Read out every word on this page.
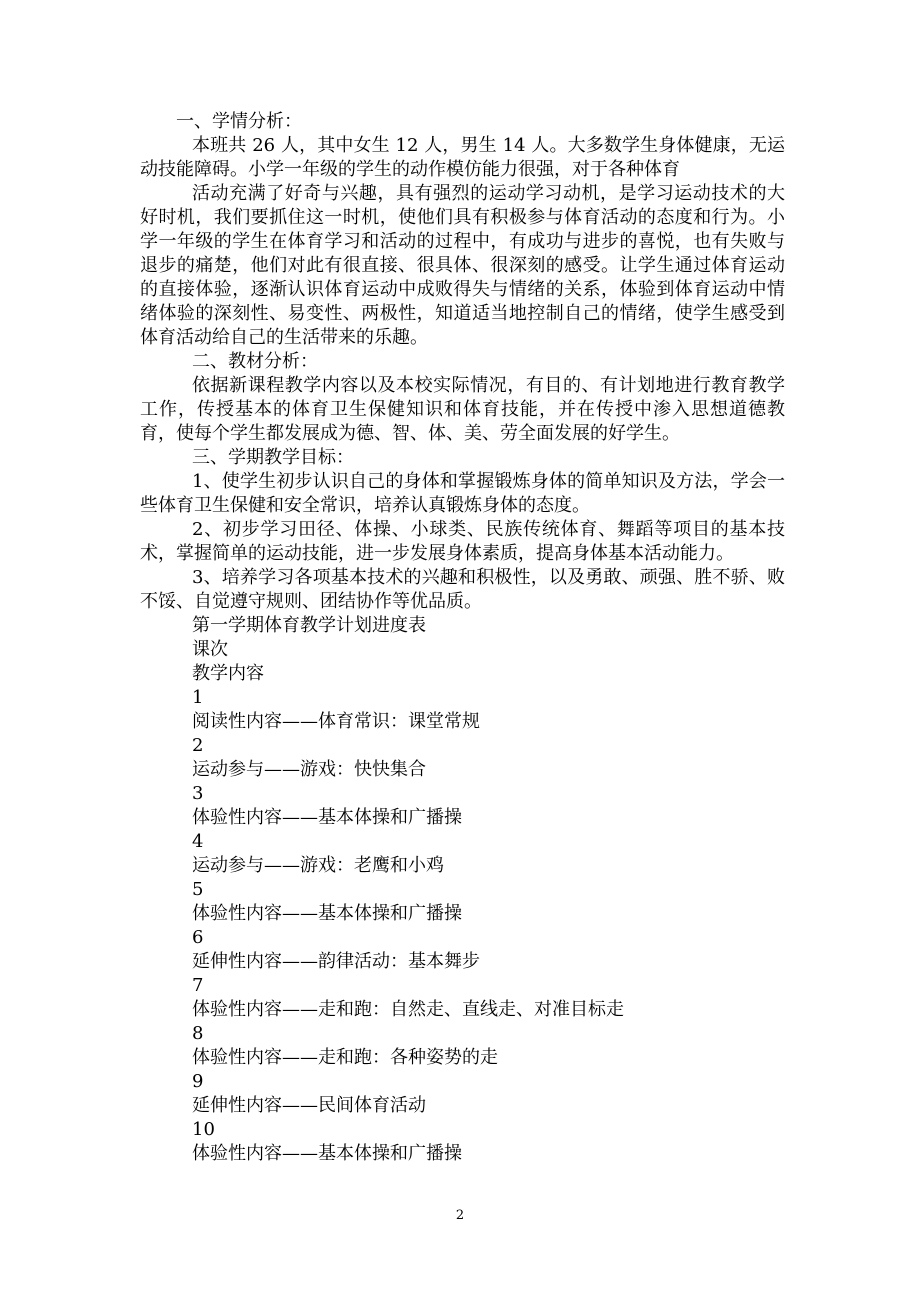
一、学情分析：

本班共 26 人，其中女生 12 人，男生 14 人。大多数学生身体健康，无运动技能障碍。小学一年级的学生的动作模仿能力很强，对于各种体育

活动充满了好奇与兴趣，具有强烈的运动学习动机，是学习运动技术的大好时机，我们要抓住这一时机，使他们具有积极参与体育活动的态度和行为。小学一年级的学生在体育学习和活动的过程中，有成功与进步的喜悦，也有失败与退步的痛楚，他们对此有很直接、很具体、很深刻的感受。让学生通过体育运动的直接体验，逐渐认识体育运动中成败得失与情绪的关系，体验到体育运动中情绪体验的深刻性、易变性、两极性，知道适当地控制自己的情绪，使学生感受到体育活动给自己的生活带来的乐趣。

二、教材分析：

依据新课程教学内容以及本校实际情况，有目的、有计划地进行教育教学工作，传授基本的体育卫生保健知识和体育技能，并在传授中渗入思想道德教育，使每个学生都发展成为德、智、体、美、劳全面发展的好学生。

三、学期教学目标：

1、使学生初步认识自己的身体和掌握锻炼身体的简单知识及方法，学会一些体育卫生保健和安全常识，培养认真锻炼身体的态度。

2、初步学习田径、体操、小球类、民族传统体育、舞蹈等项目的基本技术，掌握简单的运动技能，进一步发展身体素质，提高身体基本活动能力。

3、培养学习各项基本技术的兴趣和积极性，以及勇敢、顽强、胜不骄、败不馁、自觉遵守规则、团结协作等优品质。

第一学期体育教学计划进度表

课次

教学内容

1
阅读性内容——体育常识：课堂常规
2
运动参与——游戏：快快集合
3
体验性内容——基本体操和广播操
4
运动参与——游戏：老鹰和小鸡
5
体验性内容——基本体操和广播操
6
延伸性内容——韵律活动：基本舞步
7
体验性内容——走和跑：自然走、直线走、对准目标走
8
体验性内容——走和跑：各种姿势的走
9
延伸性内容——民间体育活动
10
体验性内容——基本体操和广播操
2
